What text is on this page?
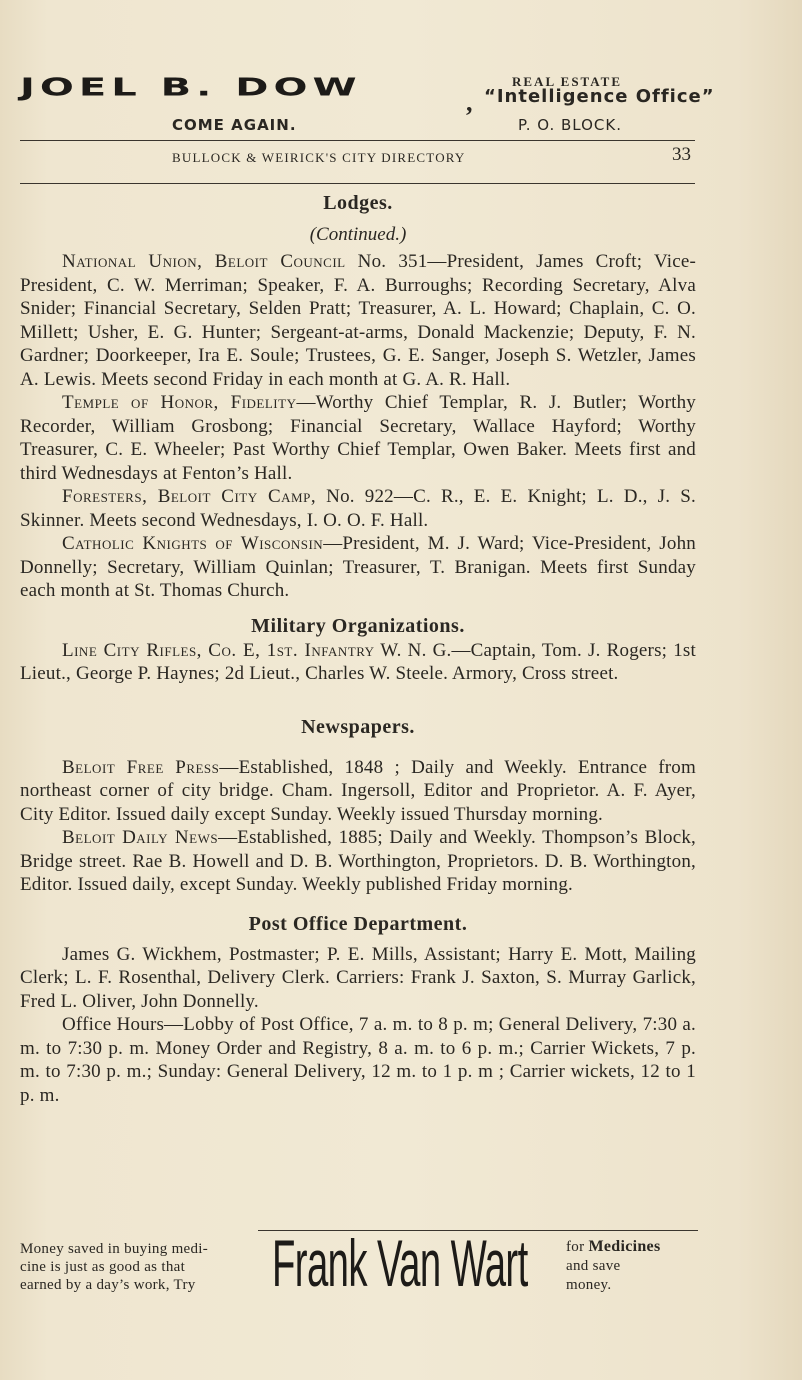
JOEL B. DOW
,
REAL ESTATE
“Intelligence Office”
COME AGAIN.	P. O. BLOCK.
BULLOCK & WEIRICK'S CITY DIRECTORY	33
Lodges.
(Continued.)

National Union, Beloit Council No. 351—President, James Croft; Vice-President, C. W. Merriman; Speaker, F. A. Burroughs; Recording Secretary, Alva Snider; Financial Secretary, Selden Pratt; Treasurer, A. L. Howard; Chaplain, C. O. Millett; Usher, E. G. Hunter; Sergeant-at-arms, Donald Mackenzie; Deputy, F. N. Gardner; Doorkeeper, Ira E. Soule; Trustees, G. E. Sanger, Joseph S. Wetzler, James A. Lewis. Meets second Friday in each month at G. A. R. Hall.

Temple of Honor, Fidelity—Worthy Chief Templar, R. J. Butler; Worthy Recorder, William Grosbong; Financial Secretary, Wallace Hayford; Worthy Treasurer, C. E. Wheeler; Past Worthy Chief Templar, Owen Baker. Meets first and third Wednesdays at Fenton’s Hall.

Foresters, Beloit City Camp, No. 922—C. R., E. E. Knight; L. D., J. S. Skinner. Meets second Wednesdays, I. O. O. F. Hall.

Catholic Knights of Wisconsin—President, M. J. Ward; Vice-President, John Donnelly; Secretary, William Quinlan; Treasurer, T. Branigan. Meets first Sunday each month at St. Thomas Church.

Military Organizations.

Line City Rifles, Co. E, 1st. Infantry W. N. G.—Captain, Tom. J. Rogers; 1st Lieut., George P. Haynes; 2d Lieut., Charles W. Steele. Armory, Cross street.

Newspapers.

Beloit Free Press—Established, 1848 ; Daily and Weekly. Entrance from northeast corner of city bridge. Cham. Ingersoll, Editor and Proprietor. A. F. Ayer, City Editor. Issued daily except Sunday. Weekly issued Thursday morning.

Beloit Daily News—Established, 1885; Daily and Weekly. Thompson’s Block, Bridge street. Rae B. Howell and D. B. Worthington, Proprietors. D. B. Worthington, Editor. Issued daily, except Sunday. Weekly published Friday morning.

Post Office Department.

James G. Wickhem, Postmaster; P. E. Mills, Assistant; Harry E. Mott, Mailing Clerk; L. F. Rosenthal, Delivery Clerk. Carriers: Frank J. Saxton, S. Murray Garlick, Fred L. Oliver, John Donnelly.

Office Hours—Lobby of Post Office, 7 a. m. to 8 p. m; General Delivery, 7:30 a. m. to 7:30 p. m. Money Order and Registry, 8 a. m. to 6 p. m.; Carrier Wickets, 7 p. m. to 7:30 p. m.; Sunday: General Delivery, 12 m. to 1 p. m ; Carrier wickets, 12 to 1 p. m.

Money saved in buying medi-
cine is just as good as that
earned by a day’s work, Try	Frank Van Wart	for Medicines
and save
money.
